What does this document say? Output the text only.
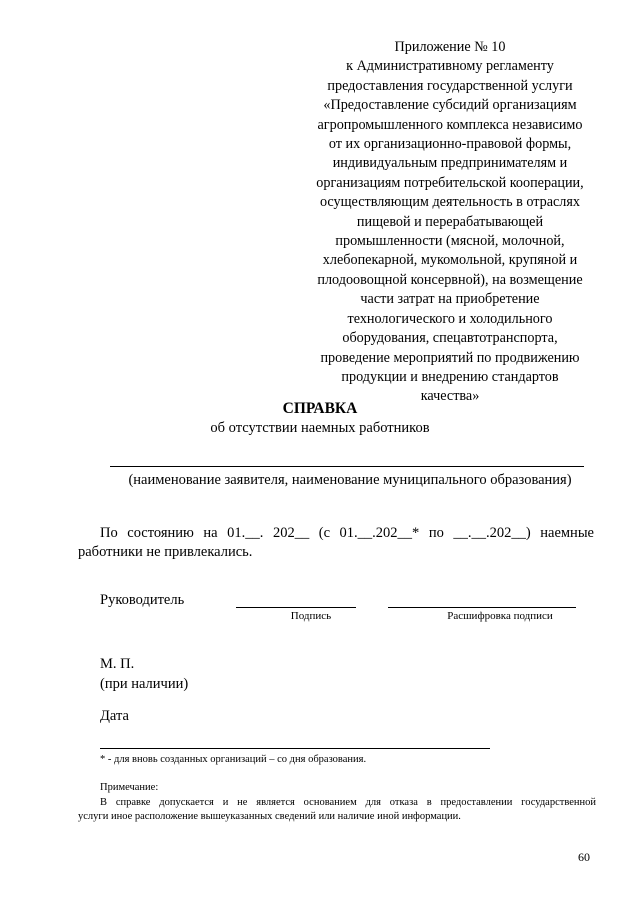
Приложение № 10
к Административному регламенту
предоставления государственной услуги
«Предоставление субсидий организациям
агропромышленного комплекса независимо
от их организационно-правовой формы,
индивидуальным предпринимателям и
организациям потребительской кооперации,
осуществляющим деятельность в отраслях
пищевой и перерабатывающей
промышленности (мясной, молочной,
хлебопекарной, мукомольной, крупяной и
плодоовощной консервной), на возмещение
части затрат на приобретение
технологического и холодильного
оборудования, спецавтотранспорта,
проведение мероприятий по продвижению
продукции и внедрению стандартов
качества»
СПРАВКА
об отсутствии наемных работников
(наименование заявителя, наименование муниципального образования)
По состоянию на 01.__. 202__ (с 01.__.202__* по __.__.202__) наемные
работники не привлекались.
Руководитель
Подпись	Расшифровка подписи
М. П.
(при наличии)
Дата
* - для вновь созданных организаций – со дня образования.
Примечание:
В справке допускается и не является основанием для отказа в предоставлении государственной
услуги иное расположение вышеуказанных сведений или наличие иной информации.
60
